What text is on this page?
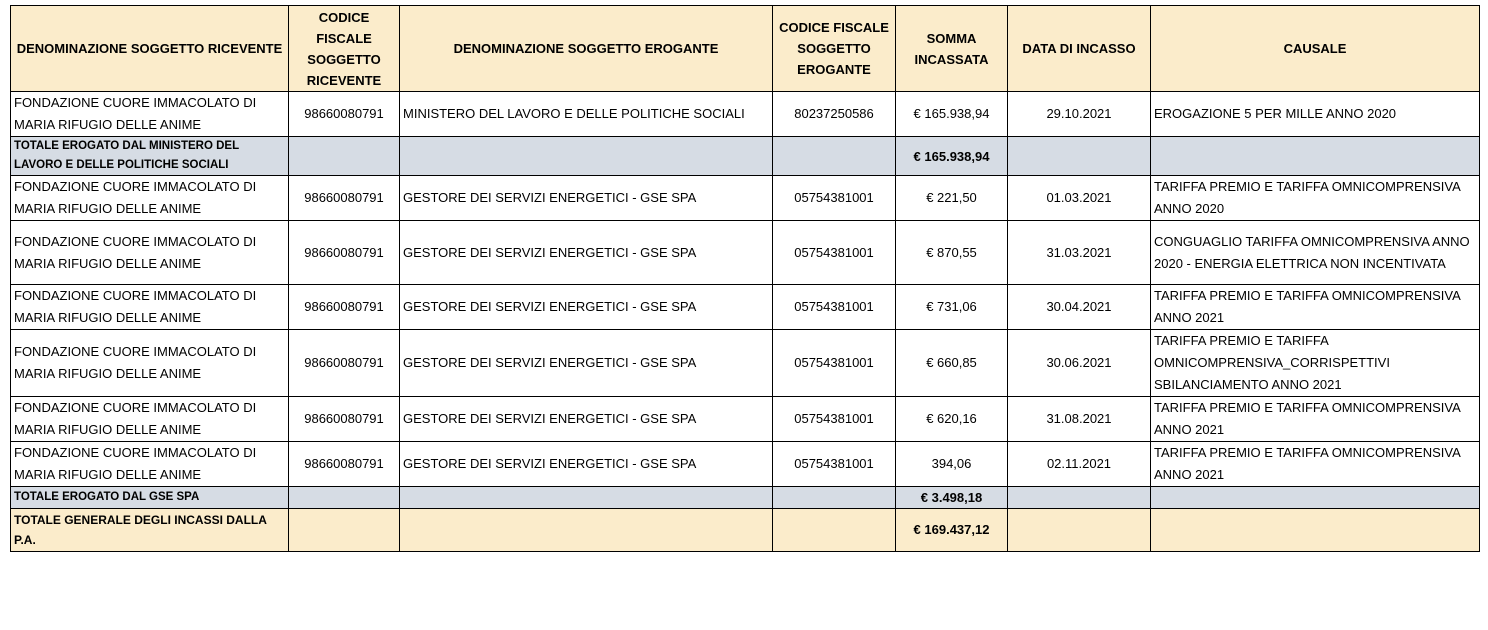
DENOMINAZIONE SOGGETTO RICEVENTE	CODICE FISCALE SOGGETTO RICEVENTE	DENOMINAZIONE SOGGETTO EROGANTE	CODICE FISCALE SOGGETTO EROGANTE	SOMMA INCASSATA	DATA DI INCASSO	CAUSALE
FONDAZIONE CUORE IMMACOLATO DI MARIA RIFUGIO DELLE ANIME	98660080791	MINISTERO DEL LAVORO E DELLE POLITICHE SOCIALI	80237250586	€ 165.938,94	29.10.2021	EROGAZIONE 5 PER MILLE ANNO 2020
TOTALE EROGATO DAL MINISTERO DEL LAVORO E DELLE POLITICHE SOCIALI				€ 165.938,94		
FONDAZIONE CUORE IMMACOLATO DI MARIA RIFUGIO DELLE ANIME	98660080791	GESTORE DEI SERVIZI ENERGETICI - GSE SPA	05754381001	€ 221,50	01.03.2021	TARIFFA PREMIO E TARIFFA OMNICOMPRENSIVA ANNO 2020
FONDAZIONE CUORE IMMACOLATO DI MARIA RIFUGIO DELLE ANIME	98660080791	GESTORE DEI SERVIZI ENERGETICI - GSE SPA	05754381001	€ 870,55	31.03.2021	CONGUAGLIO TARIFFA OMNICOMPRENSIVA ANNO 2020 - ENERGIA ELETTRICA NON INCENTIVATA
FONDAZIONE CUORE IMMACOLATO DI MARIA RIFUGIO DELLE ANIME	98660080791	GESTORE DEI SERVIZI ENERGETICI - GSE SPA	05754381001	€ 731,06	30.04.2021	TARIFFA PREMIO E TARIFFA OMNICOMPRENSIVA ANNO 2021
FONDAZIONE CUORE IMMACOLATO DI MARIA RIFUGIO DELLE ANIME	98660080791	GESTORE DEI SERVIZI ENERGETICI - GSE SPA	05754381001	€ 660,85	30.06.2021	TARIFFA PREMIO E TARIFFA OMNICOMPRENSIVA_CORRISPETTIVI SBILANCIAMENTO ANNO 2021
FONDAZIONE CUORE IMMACOLATO DI MARIA RIFUGIO DELLE ANIME	98660080791	GESTORE DEI SERVIZI ENERGETICI - GSE SPA	05754381001	€ 620,16	31.08.2021	TARIFFA PREMIO E TARIFFA OMNICOMPRENSIVA ANNO 2021
FONDAZIONE CUORE IMMACOLATO DI MARIA RIFUGIO DELLE ANIME	98660080791	GESTORE DEI SERVIZI ENERGETICI - GSE SPA	05754381001	394,06	02.11.2021	TARIFFA PREMIO E TARIFFA OMNICOMPRENSIVA ANNO 2021
TOTALE EROGATO DAL GSE SPA				€ 3.498,18		
TOTALE GENERALE DEGLI INCASSI DALLA P.A.				€ 169.437,12		
